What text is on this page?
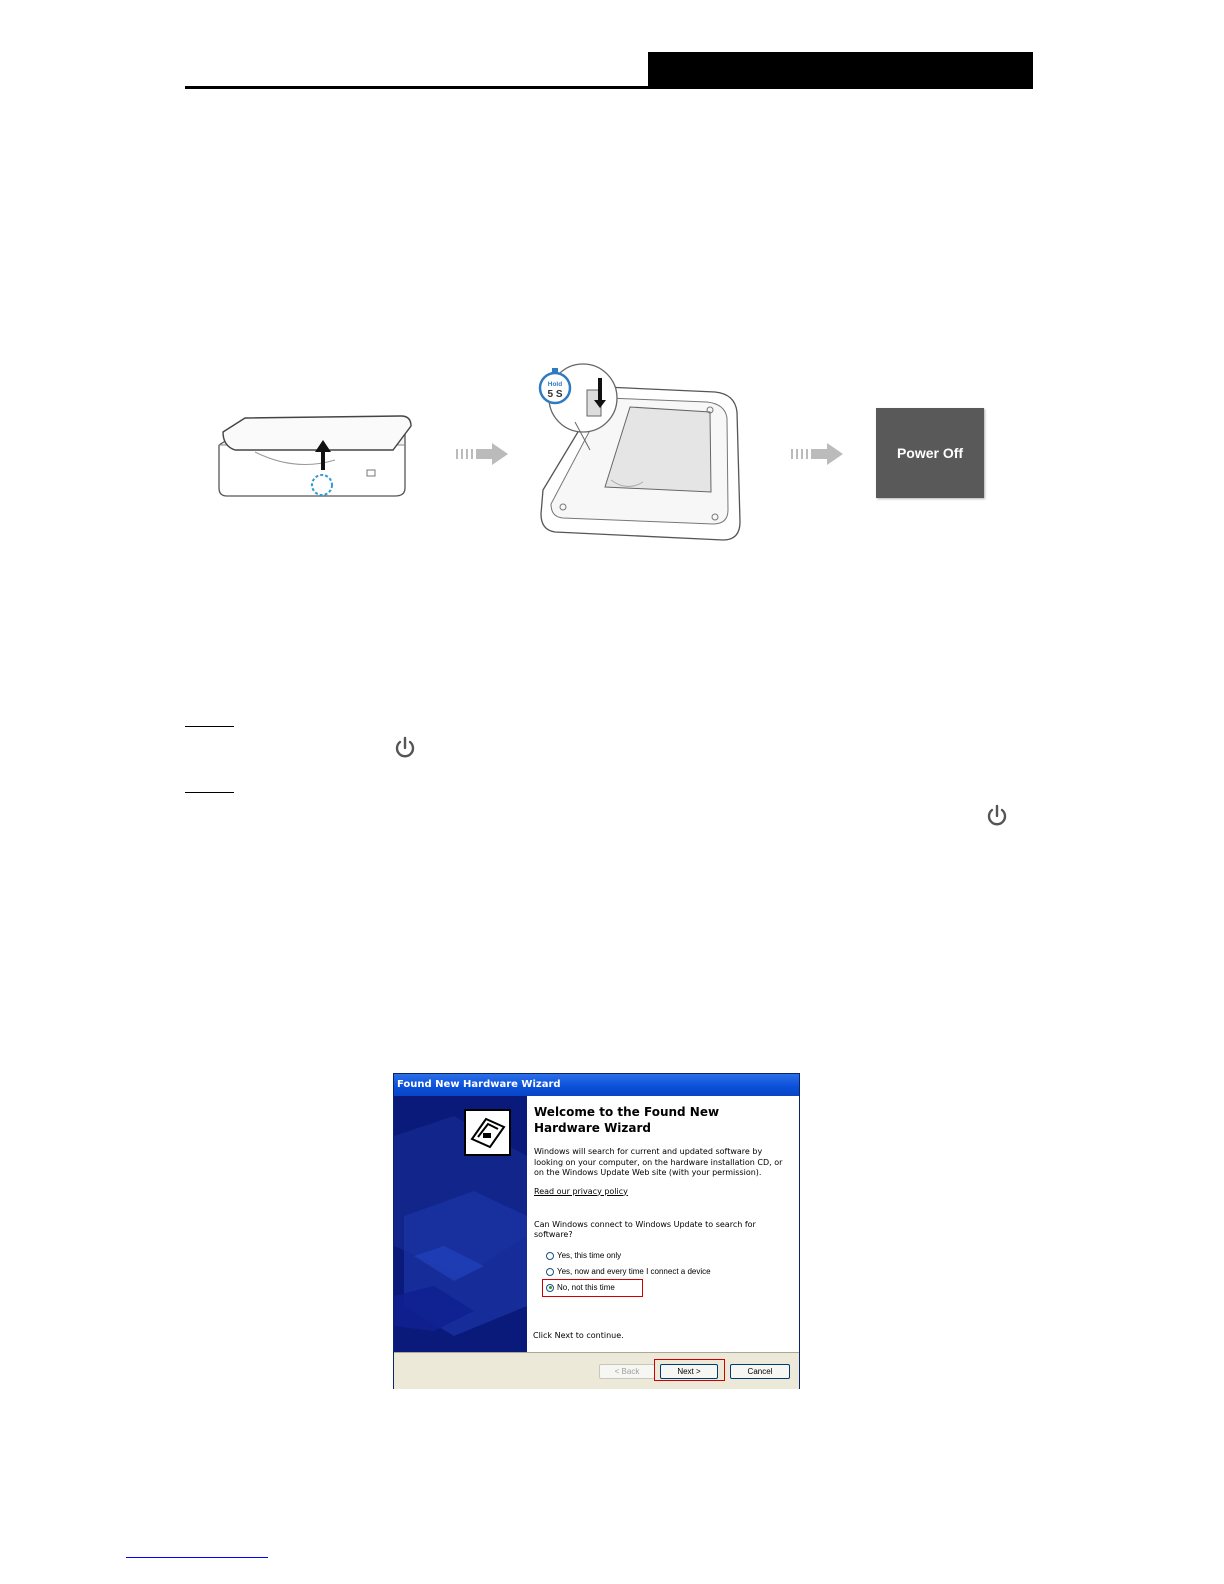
Hold
5 S
Power Off
Found New Hardware Wizard
Welcome to the Found New
Hardware Wizard

Windows will search for current and updated software by looking on your computer, on the hardware installation CD, or on the Windows Update Web site (with your permission).

Read our privacy policy

Can Windows connect to Windows Update to search for software?

Yes, this time only
Yes, now and every time I connect a device
No, not this time
Click Next to continue.
< Back	Next >	Cancel
